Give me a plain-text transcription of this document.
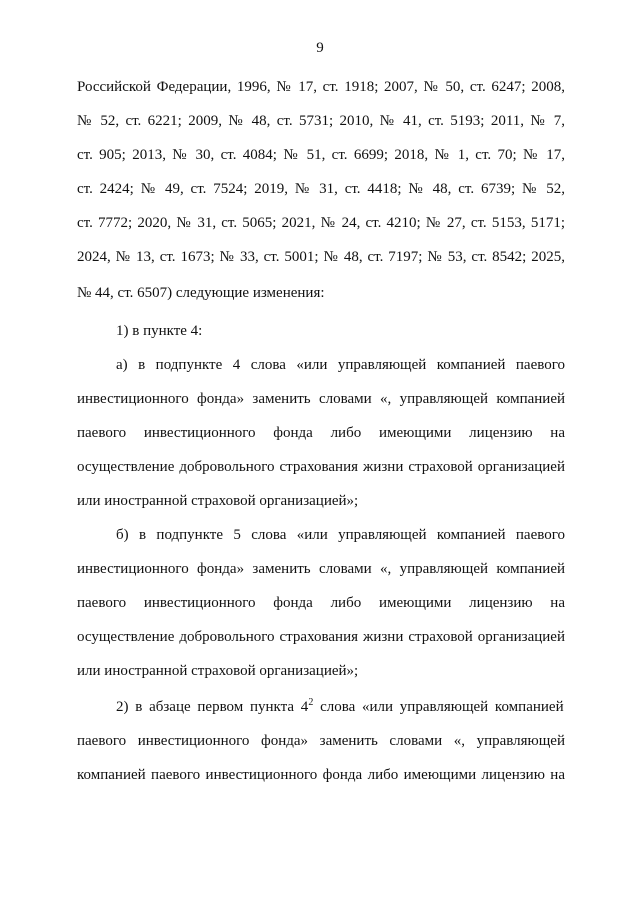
9
Российской Федерации, 1996, № 17, ст. 1918; 2007, № 50, ст. 6247; 2008,
№ 52, ст. 6221; 2009, № 48, ст. 5731; 2010, № 41, ст. 5193; 2011, № 7,
ст. 905; 2013, № 30, ст. 4084; № 51, ст. 6699; 2018, № 1, ст. 70; № 17,
ст. 2424; № 49, ст. 7524; 2019, № 31, ст. 4418; № 48, ст. 6739; № 52,
ст. 7772; 2020, № 31, ст. 5065; 2021, № 24, ст. 4210; № 27, ст. 5153, 5171;
2024, № 13, ст. 1673; № 33, ст. 5001; № 48, ст. 7197; № 53, ст. 8542; 2025,
№ 44, ст. 6507) следующие изменения:
1) в пункте 4:
а) в подпункте 4 слова «или управляющей компанией паевого
инвестиционного фонда» заменить словами «, управляющей компанией
паевого инвестиционного фонда либо имеющими лицензию на
осуществление добровольного страхования жизни страховой организацией
или иностранной страховой организацией»;
б) в подпункте 5 слова «или управляющей компанией паевого
инвестиционного фонда» заменить словами «, управляющей компанией
паевого инвестиционного фонда либо имеющими лицензию на
осуществление добровольного страхования жизни страховой организацией
или иностранной страховой организацией»;
2) в абзаце первом пункта $4^2$ слова «или управляющей компанией
паевого инвестиционного фонда» заменить словами «, управляющей
компанией паевого инвестиционного фонда либо имеющими лицензию на
